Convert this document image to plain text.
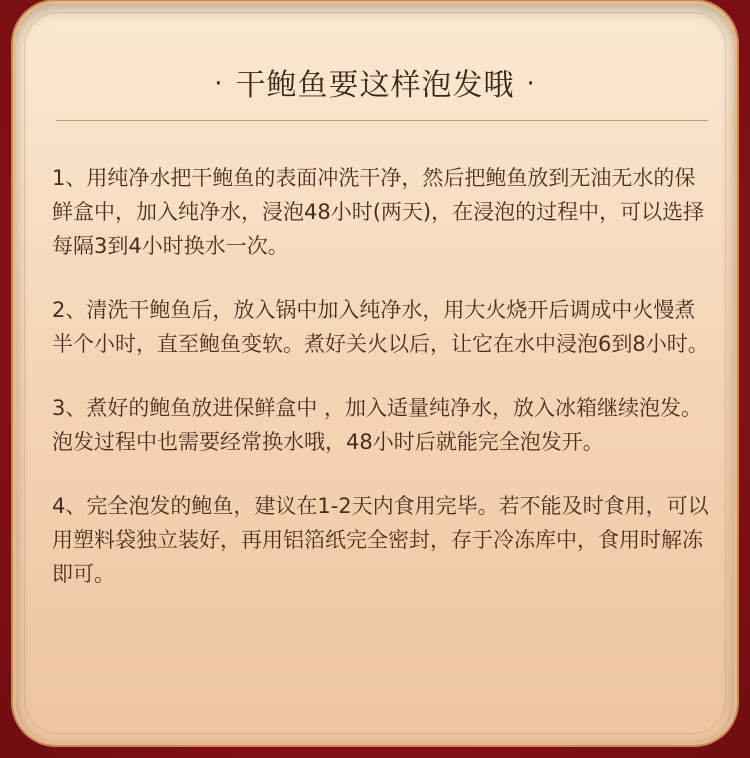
· 干鲍鱼要这样泡发哦 ·

1、用纯净水把干鲍鱼的表面冲洗干净，然后把鲍鱼放到无油无水的保鲜盒中，加入纯净水，浸泡48小时(两天)，在浸泡的过程中，可以选择每隔3到4小时换水一次。

2、清洗干鲍鱼后，放入锅中加入纯净水，用大火烧开后调成中火慢煮半个小时，直至鲍鱼变软。煮好关火以后，让它在水中浸泡6到8小时。

3、煮好的鲍鱼放进保鲜盒中 ，加入适量纯净水，放入冰箱继续泡发。泡发过程中也需要经常换水哦，48小时后就能完全泡发开。

4、完全泡发的鲍鱼，建议在1-2天内食用完毕。若不能及时食用，可以用塑料袋独立装好，再用铝箔纸完全密封，存于冷冻库中，食用时解冻即可。
